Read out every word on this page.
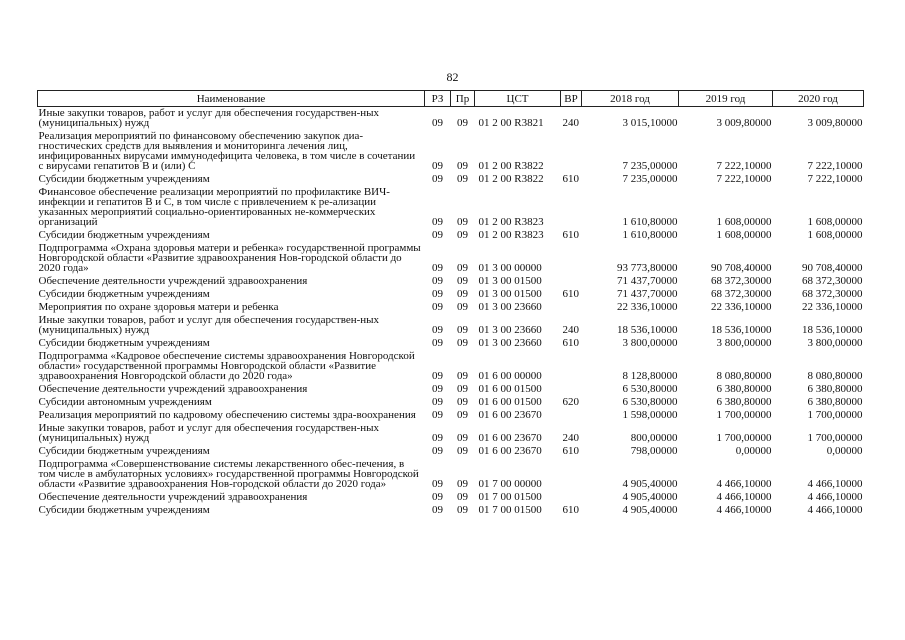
82
Наименование	РЗ	Пр	ЦСТ	ВР	2018 год	2019 год	2020 год
Иные закупки товаров, работ и услуг для обеспечения государствен-ных (муниципальных) нужд	09	09	01 2 00 R3821	240	3 015,10000	3 009,80000	3 009,80000
Реализация мероприятий по финансовому обеспечению закупок диа-гностических средств для выявления и мониторинга лечения лиц, инфицированных вирусами иммунодефицита человека, в том числе в сочетании с вирусами гепатитов В и (или) С	09	09	01 2 00 R3822		7 235,00000	7 222,10000	7 222,10000
Субсидии бюджетным учреждениям	09	09	01 2 00 R3822	610	7 235,00000	7 222,10000	7 222,10000
Финансовое обеспечение реализации мероприятий по профилактике ВИЧ-инфекции и гепатитов В и С, в том числе с привлечением к ре-ализации указанных мероприятий социально-ориентированных не-коммерческих организаций	09	09	01 2 00 R3823		1 610,80000	1 608,00000	1 608,00000
Субсидии бюджетным учреждениям	09	09	01 2 00 R3823	610	1 610,80000	1 608,00000	1 608,00000
Подпрограмма «Охрана здоровья матери и ребенка» государственной программы Новгородской области «Развитие здравоохранения Нов-городской области до 2020 года»	09	09	01 3 00 00000		93 773,80000	90 708,40000	90 708,40000
Обеспечение деятельности учреждений здравоохранения	09	09	01 3 00 01500		71 437,70000	68 372,30000	68 372,30000
Субсидии бюджетным учреждениям	09	09	01 3 00 01500	610	71 437,70000	68 372,30000	68 372,30000
Мероприятия по охране здоровья матери и ребенка	09	09	01 3 00 23660		22 336,10000	22 336,10000	22 336,10000
Иные закупки товаров, работ и услуг для обеспечения государствен-ных (муниципальных) нужд	09	09	01 3 00 23660	240	18 536,10000	18 536,10000	18 536,10000
Субсидии бюджетным учреждениям	09	09	01 3 00 23660	610	3 800,00000	3 800,00000	3 800,00000
Подпрограмма «Кадровое обеспечение системы здравоохранения Новгородской области» государственной программы Новгородской области «Развитие здравоохранения Новгородской области до 2020 года»	09	09	01 6 00 00000		8 128,80000	8 080,80000	8 080,80000
Обеспечение деятельности учреждений здравоохранения	09	09	01 6 00 01500		6 530,80000	6 380,80000	6 380,80000
Субсидии автономным учреждениям	09	09	01 6 00 01500	620	6 530,80000	6 380,80000	6 380,80000
Реализация мероприятий по кадровому обеспечению системы здра-воохранения	09	09	01 6 00 23670		1 598,00000	1 700,00000	1 700,00000
Иные закупки товаров, работ и услуг для обеспечения государствен-ных (муниципальных) нужд	09	09	01 6 00 23670	240	800,00000	1 700,00000	1 700,00000
Субсидии бюджетным учреждениям	09	09	01 6 00 23670	610	798,00000	0,00000	0,00000
Подпрограмма «Совершенствование системы лекарственного обес-печения, в том числе в амбулаторных условиях» государственной программы Новгородской области «Развитие здравоохранения Нов-городской области до 2020 года»	09	09	01 7 00 00000		4 905,40000	4 466,10000	4 466,10000
Обеспечение деятельности учреждений здравоохранения	09	09	01 7 00 01500		4 905,40000	4 466,10000	4 466,10000
Субсидии бюджетным учреждениям	09	09	01 7 00 01500	610	4 905,40000	4 466,10000	4 466,10000
